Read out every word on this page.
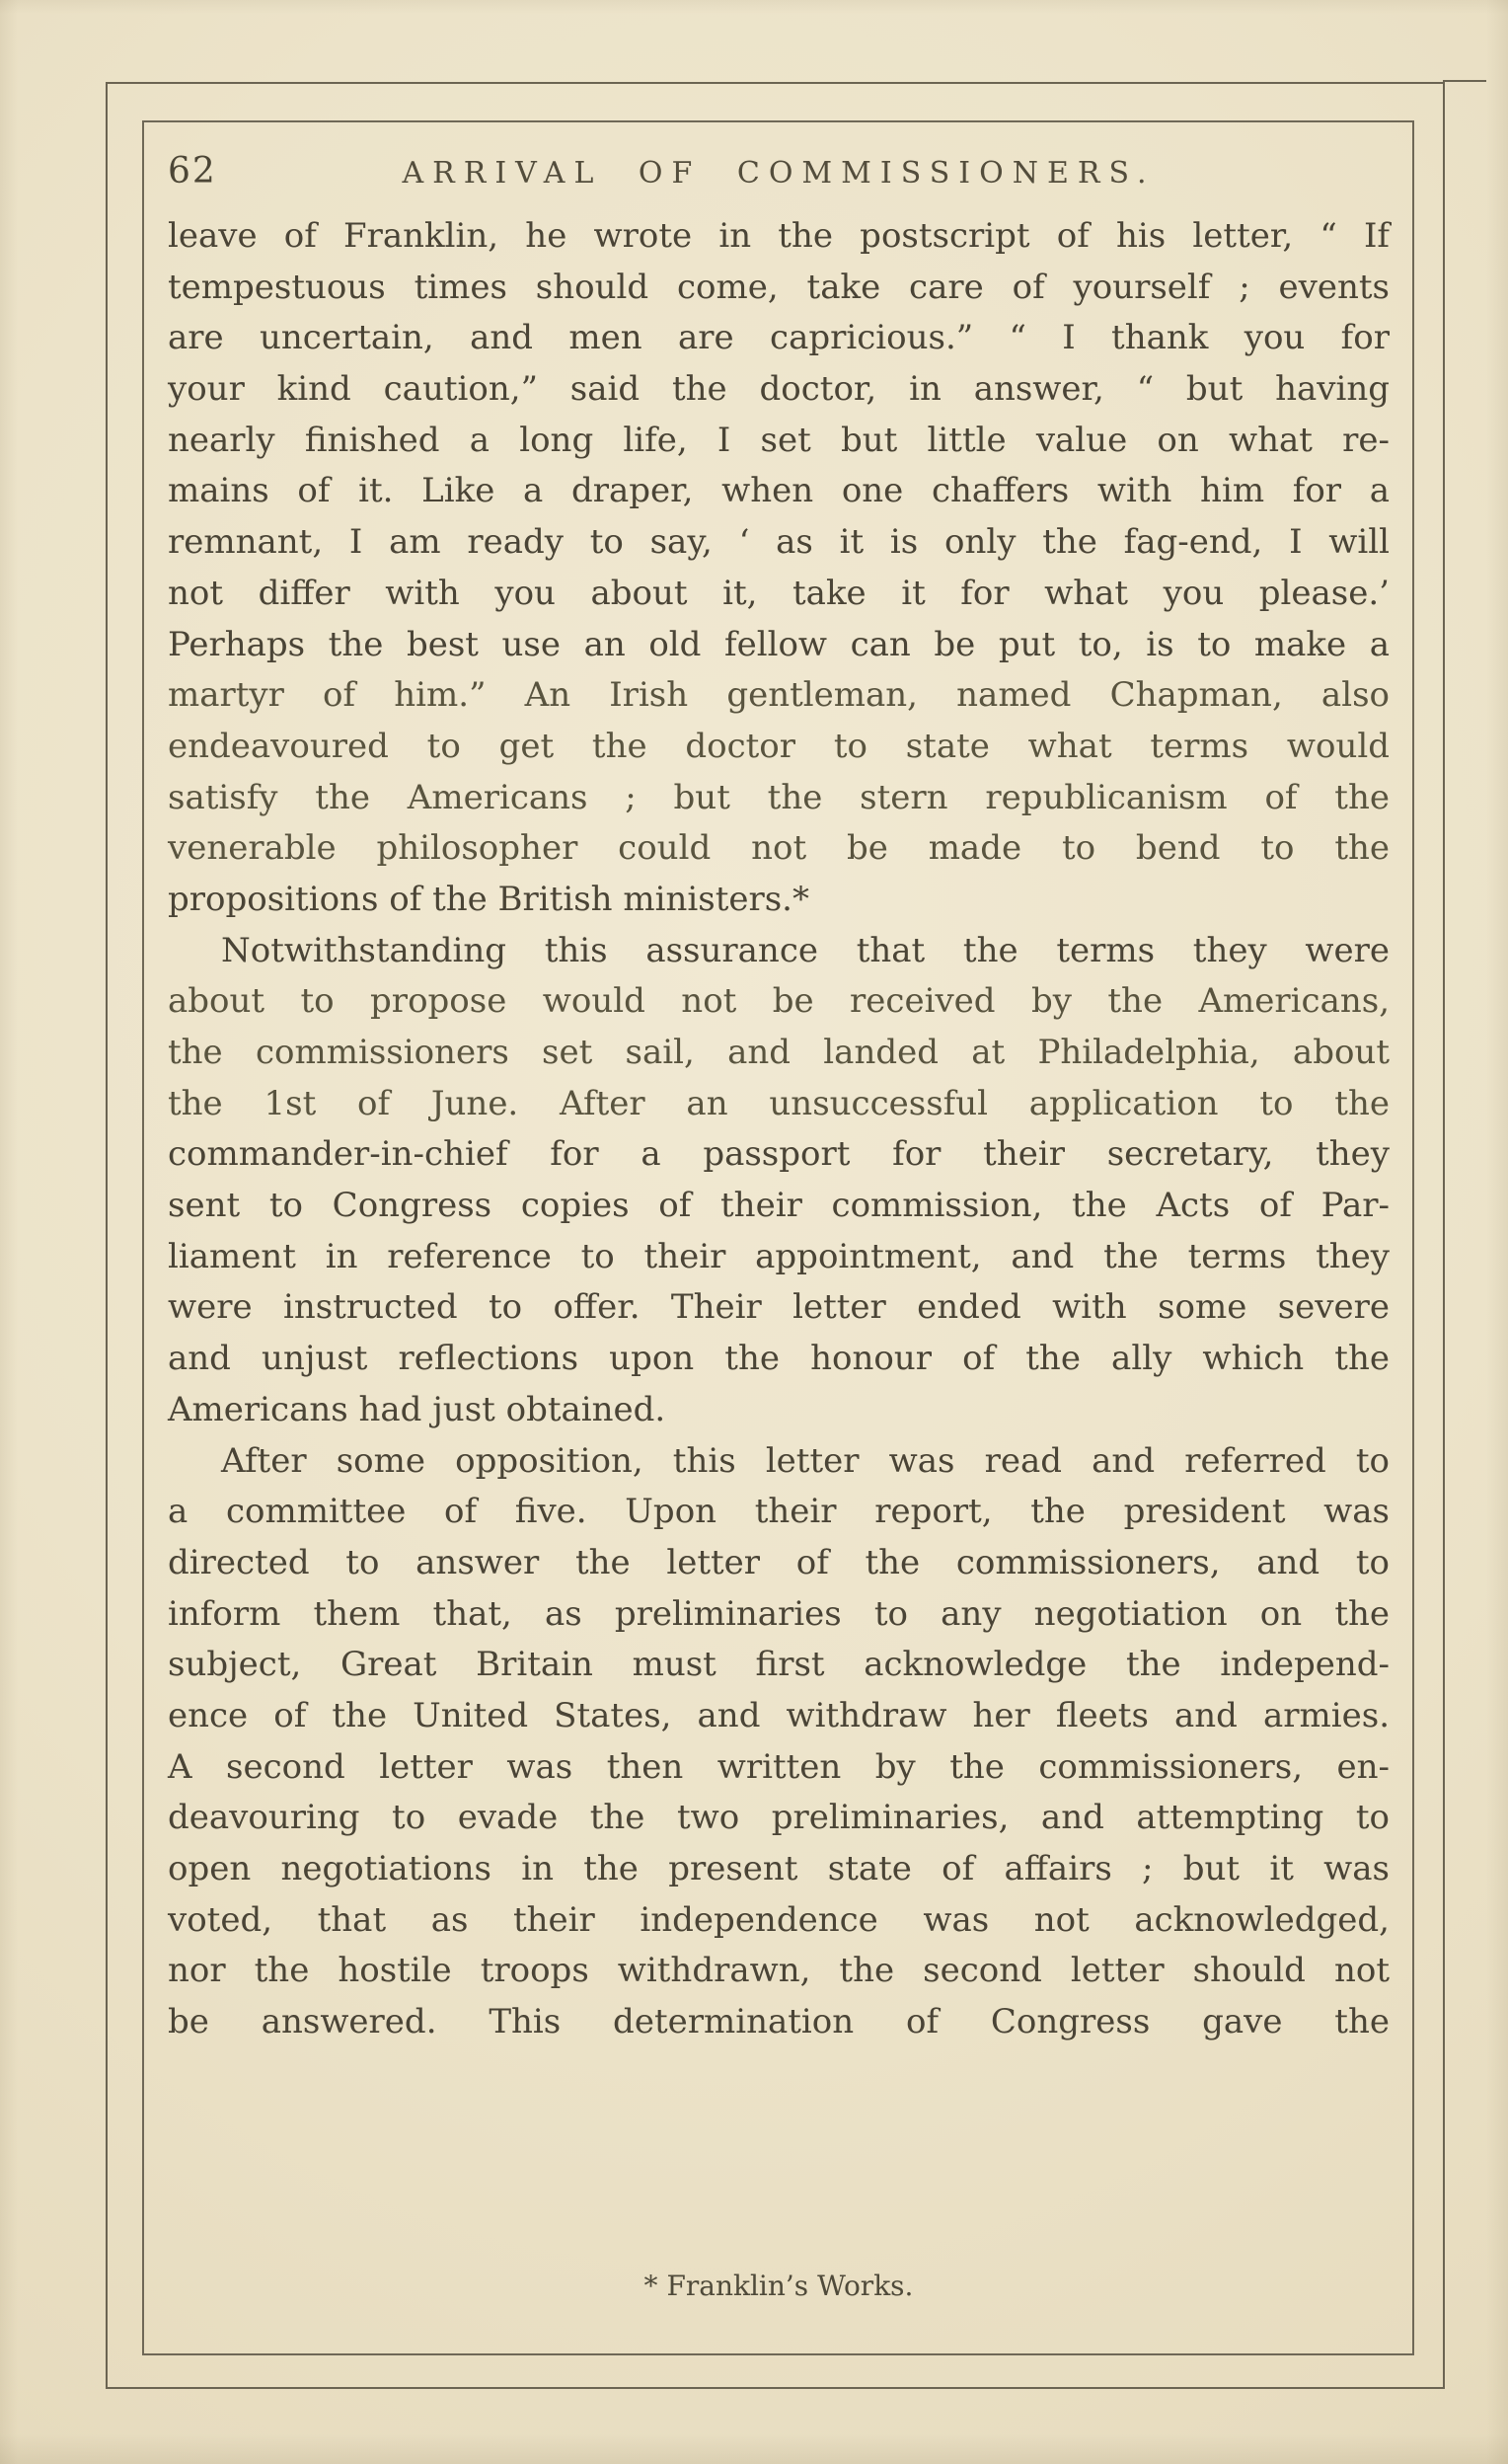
62	ARRIVAL OF COMMISSIONERS.
leave of Franklin, he wrote in the postscript of his letter, “ If
tempestuous times should come, take care of yourself ; events
are uncertain, and men are capricious.” “ I thank you for
your kind caution,” said the doctor, in answer, “ but having
nearly finished a long life, I set but little value on what re-
mains of it. Like a draper, when one chaffers with him for a
remnant, I am ready to say, ‘ as it is only the fag-end, I will
not differ with you about it, take it for what you please.’
Perhaps the best use an old fellow can be put to, is to make a
martyr of him.” An Irish gentleman, named Chapman, also
endeavoured to get the doctor to state what terms would
satisfy the Americans ; but the stern republicanism of the
venerable philosopher could not be made to bend to the
propositions of the British ministers.*
Notwithstanding this assurance that the terms they were
about to propose would not be received by the Americans,
the commissioners set sail, and landed at Philadelphia, about
the 1st of June. After an unsuccessful application to the
commander-in-chief for a passport for their secretary, they
sent to Congress copies of their commission, the Acts of Par-
liament in reference to their appointment, and the terms they
were instructed to offer. Their letter ended with some severe
and unjust reflections upon the honour of the ally which the
Americans had just obtained.
After some opposition, this letter was read and referred to
a committee of five. Upon their report, the president was
directed to answer the letter of the commissioners, and to
inform them that, as preliminaries to any negotiation on the
subject, Great Britain must first acknowledge the independ-
ence of the United States, and withdraw her fleets and armies.
A second letter was then written by the commissioners, en-
deavouring to evade the two preliminaries, and attempting to
open negotiations in the present state of affairs ; but it was
voted, that as their independence was not acknowledged,
nor the hostile troops withdrawn, the second letter should not
be answered. This determination of Congress gave the
* Franklin’s Works.
